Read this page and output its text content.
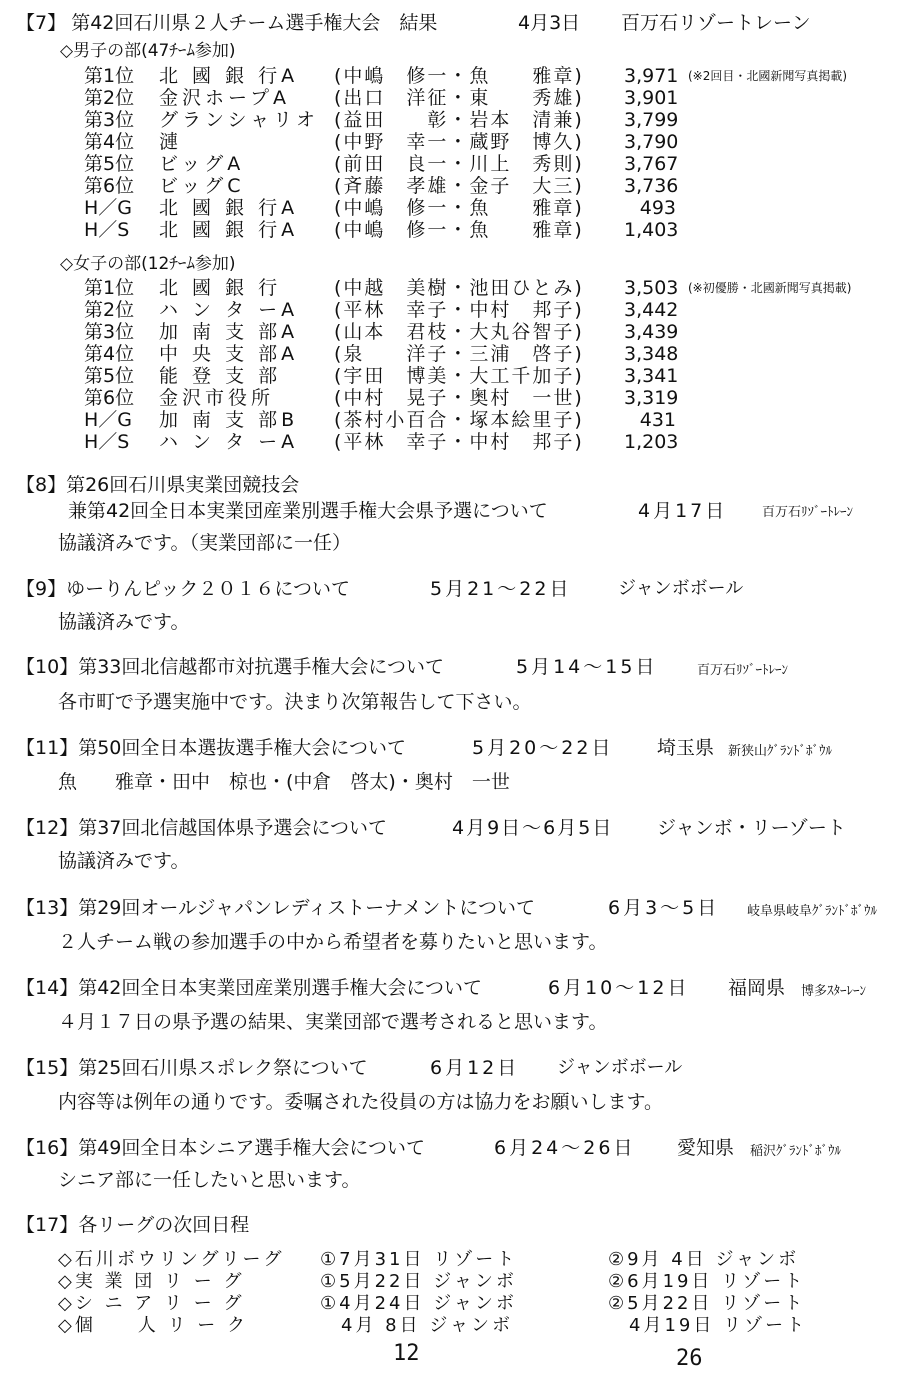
【7】 第42回石川県２人チーム選手権大会　結果	4月3日 百万石リゾートレーン
◇男子の部(47ﾁｰﾑ参加)
第1位 北 國 銀 行A (中嶋　修一・魚　　雅章) 3,971 (※2回目・北國新聞写真掲載)
第2位 金沢ホープA (出口　洋征・東　　秀雄) 3,901
第3位 グランシャリオ (益田　　彰・岩本　清兼) 3,799
第4位 漣	(中野　幸一・蔵野　博久) 3,790
第5位 ビッグA	(前田　良一・川上　秀則) 3,767
第6位 ビッグC	(斉藤　孝雄・金子　大三) 3,736
H／G 北 國 銀 行A (中嶋　修一・魚　　雅章)	493
H／S 北 國 銀 行A (中嶋　修一・魚　　雅章) 1,403
◇女子の部(12ﾁｰﾑ参加)
第1位 北 國 銀 行	(中越　美樹・池田ひとみ) 3,503 (※初優勝・北國新聞写真掲載)
第2位 ハ ン タ ーA (平林　幸子・中村　邦子) 3,442
第3位 加 南 支 部A (山本　君枝・大丸谷智子) 3,439
第4位 中 央 支 部A (泉　　洋子・三浦　啓子) 3,348
第5位 能 登 支 部	(宇田　博美・大工千加子) 3,341
第6位 金沢市役所	(中村　晃子・奥村　一世) 3,319
H／G 加 南 支 部B (茶村小百合・塚本絵里子)	431
H／S ハ ン タ ーA (平林　幸子・中村　邦子) 1,203
【8】第26回石川県実業団競技会
兼第42回全日本実業団産業別選手権大会県予選について	4月17日	百万石ﾘｿﾞｰﾄﾚｰﾝ
協議済みです。（実業団部に一任）
【9】ゆーりんピック２０１６について	5月21～22日	ジャンボボール
協議済みです。
【10】第33回北信越都市対抗選手権大会について	5月14～15日	百万石ﾘｿﾞｰﾄﾚｰﾝ
各市町で予選実施中です。決まり次第報告して下さい。
【11】第50回全日本選抜選手権大会について	5月20～22日 埼玉県 新狭山ｸﾞﾗﾝﾄﾞﾎﾞｳﾙ
魚　　雅章・田中　椋也・(中倉　啓太)・奥村　一世
【12】第37回北信越国体県予選会について	4月9日～6月5日 ジャンボ・リーゾート
協議済みです。
【13】第29回オールジャパンレディストーナメントについて	6月3～5日 岐阜県岐阜ｸﾞﾗﾝﾄﾞﾎﾞｳﾙ
２人チーム戦の参加選手の中から希望者を募りたいと思います。
【14】第42回全日本実業団産業別選手権大会について	6月10～12日 福岡県 博多ｽﾀｰﾚｰﾝ
４月１７日の県予選の結果、実業団部で選考されると思います。
【15】第25回石川県スポレク祭について	6月12日 ジャンボボール
内容等は例年の通りです。委嘱された役員の方は協力をお願いします。
【16】第49回全日本シニア選手権大会について	6月24～26日 愛知県 稲沢ｸﾞﾗﾝﾄﾞﾎﾞｳﾙ
シニア部に一任したいと思います。
【17】各リーグの次回日程
◇石川ボウリングリーグ ①7月31日 リゾート	②9月 4日 ジャンボ
◇実 業 団 リ ー グ	①5月22日 ジャンボ	②6月19日 リゾート
◇シ ニ ア リ ー グ	①4月24日 ジャンボ	②5月22日 リゾート
◇個　　人 リ ー ク	　4月 8日 ジャンボ	　4月19日 リゾート
12	26
